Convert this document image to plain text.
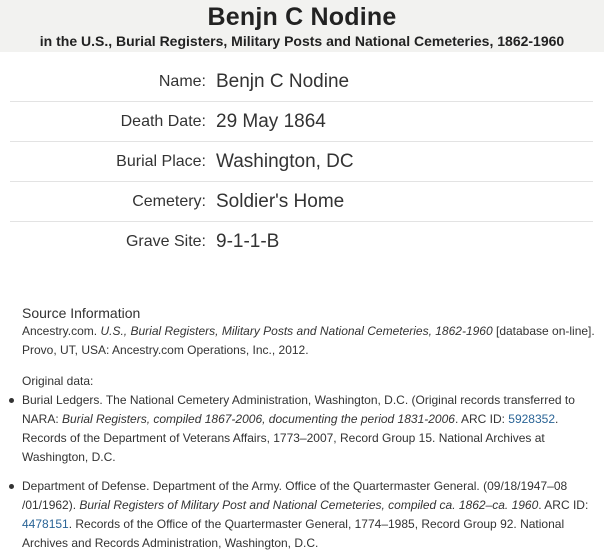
Benjn C Nodine
in the U.S., Burial Registers, Military Posts and National Cemeteries, 1862-1960
Name: Benjn C Nodine
Death Date: 29 May 1864
Burial Place: Washington, DC
Cemetery: Soldier's Home
Grave Site: 9-1-1-B
Source Information
Ancestry.com. U.S., Burial Registers, Military Posts and National Cemeteries, 1862-1960 [database on-line]. Provo, UT, USA: Ancestry.com Operations, Inc., 2012.
Original data:
Burial Ledgers. The National Cemetery Administration, Washington, D.C. (Original records transferred to NARA: Burial Registers, compiled 1867-2006, documenting the period 1831-2006. ARC ID: 5928352. Records of the Department of Veterans Affairs, 1773–2007, Record Group 15. National Archives at Washington, D.C.
Department of Defense. Department of the Army. Office of the Quartermaster General. (09/18/1947–08 /01/1962). Burial Registers of Military Post and National Cemeteries, compiled ca. 1862–ca. 1960. ARC ID: 4478151. Records of the Office of the Quartermaster General, 1774–1985, Record Group 92. National Archives and Records Administration, Washington, D.C.
